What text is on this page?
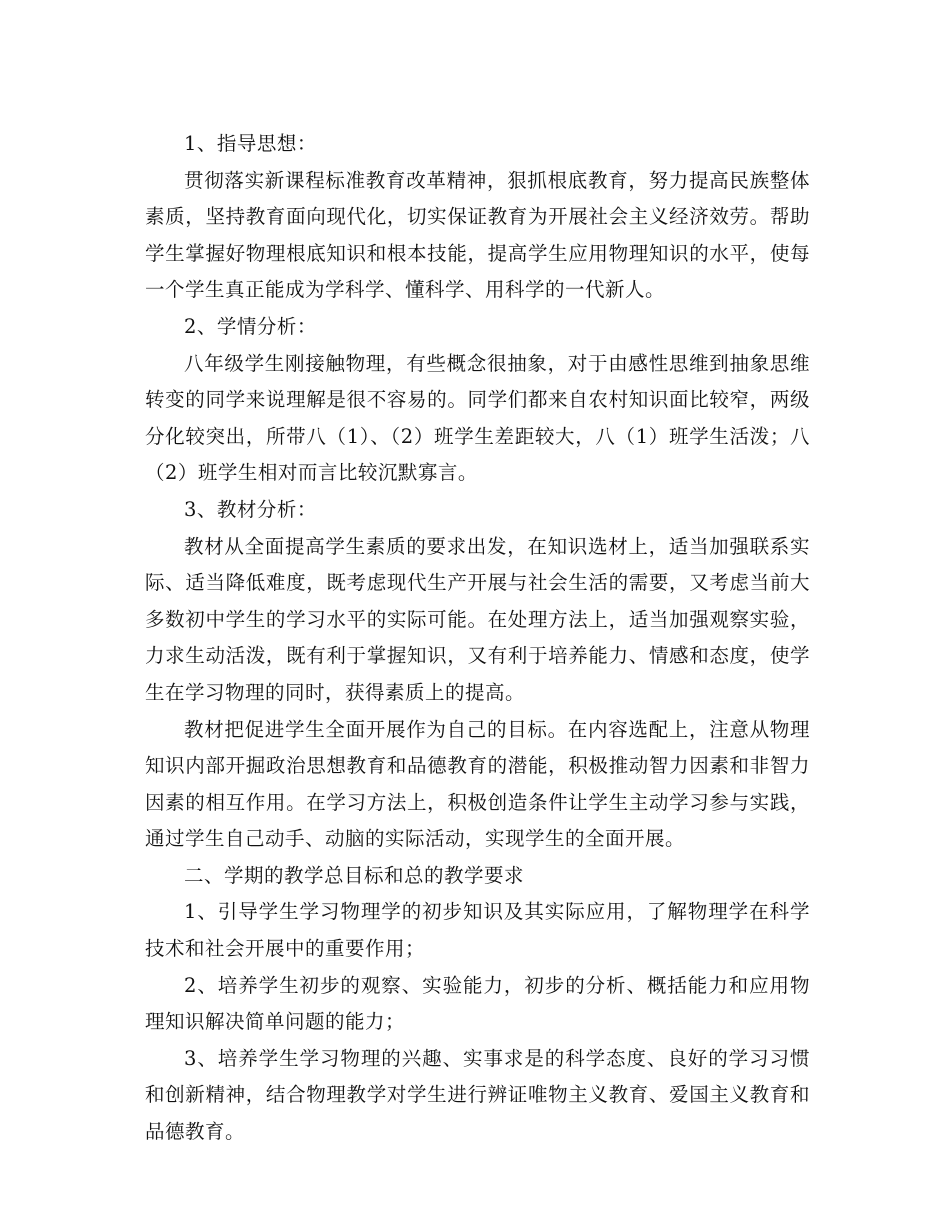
1、指导思想：

贯彻落实新课程标准教育改革精神，狠抓根底教育，努力提高民族整体素质，坚持教育面向现代化，切实保证教育为开展社会主义经济效劳。帮助学生掌握好物理根底知识和根本技能，提高学生应用物理知识的水平，使每一个学生真正能成为学科学、懂科学、用科学的一代新人。

2、学情分析：

八年级学生刚接触物理，有些概念很抽象，对于由感性思维到抽象思维转变的同学来说理解是很不容易的。同学们都来自农村知识面比较窄，两级分化较突出，所带八（1）、（2）班学生差距较大，八（1）班学生活泼；八（2）班学生相对而言比较沉默寡言。

3、教材分析：

教材从全面提高学生素质的要求出发，在知识选材上，适当加强联系实际、适当降低难度，既考虑现代生产开展与社会生活的需要，又考虑当前大多数初中学生的学习水平的实际可能。在处理方法上，适当加强观察实验，力求生动活泼，既有利于掌握知识，又有利于培养能力、情感和态度，使学生在学习物理的同时，获得素质上的提高。

教材把促进学生全面开展作为自己的目标。在内容选配上，注意从物理知识内部开掘政治思想教育和品德教育的潜能，积极推动智力因素和非智力因素的相互作用。在学习方法上，积极创造条件让学生主动学习参与实践，通过学生自己动手、动脑的实际活动，实现学生的全面开展。

二、学期的教学总目标和总的教学要求

1、引导学生学习物理学的初步知识及其实际应用，了解物理学在科学技术和社会开展中的重要作用；

2、培养学生初步的观察、实验能力，初步的分析、概括能力和应用物理知识解决简单问题的能力；

3、培养学生学习物理的兴趣、实事求是的科学态度、良好的学习习惯和创新精神，结合物理教学对学生进行辨证唯物主义教育、爱国主义教育和品德教育。
